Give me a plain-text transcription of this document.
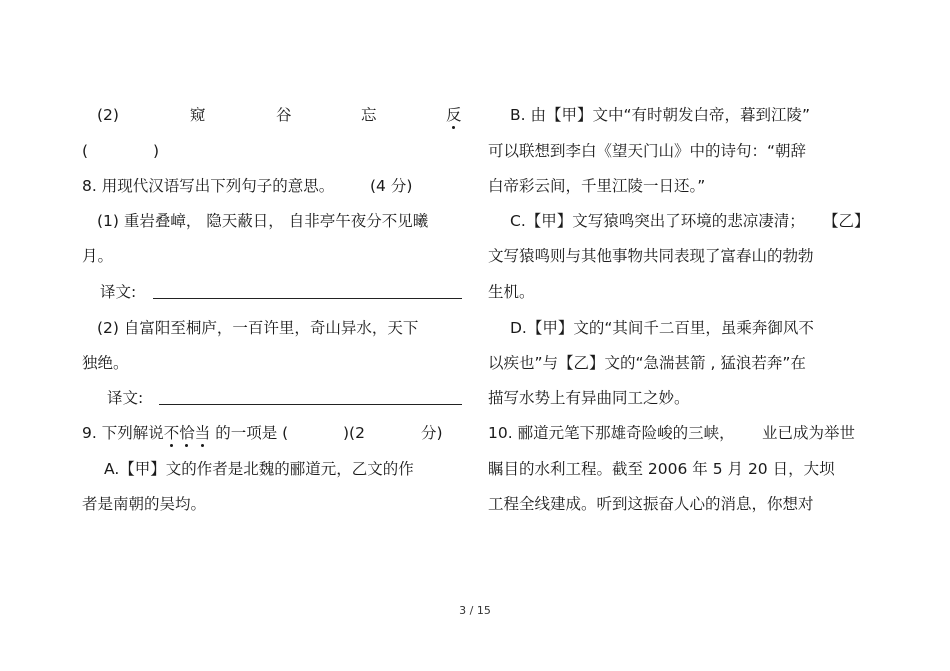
(2)	窥	谷	忘	反
(	)
8. 用现代汉语写出下列句子的意思。 (4 分)
(1) 重岩叠嶂， 隐天蔽日， 自非亭午夜分不见曦
月。
译文:
(2) 自富阳至桐庐，一百许里，奇山异水，天下
独绝。
译文:
9. 下列解说不恰当 的一项是 (	)(2	分)
A.【甲】文的作者是北魏的郦道元，乙文的作
者是南朝的吴均。
B. 由【甲】文中“有时朝发白帝，暮到江陵”
可以联想到李白《望天门山》中的诗句：“朝辞
白帝彩云间，千里江陵一日还。”
C.【甲】文写猿鸣突出了环境的悲凉凄清； 【乙】
文写猿鸣则与其他事物共同表现了富春山的勃勃
生机。
D.【甲】文的“其间千二百里，虽乘奔御风不
以疾也”与【乙】文的“急湍甚箭 , 猛浪若奔”在
描写水势上有异曲同工之妙。
10. 郦道元笔下那雄奇险峻的三峡， 业已成为举世
瞩目的水利工程。截至 2006 年 5 月 20 日，大坝
工程全线建成。听到这振奋人心的消息，你想对
3 / 15
